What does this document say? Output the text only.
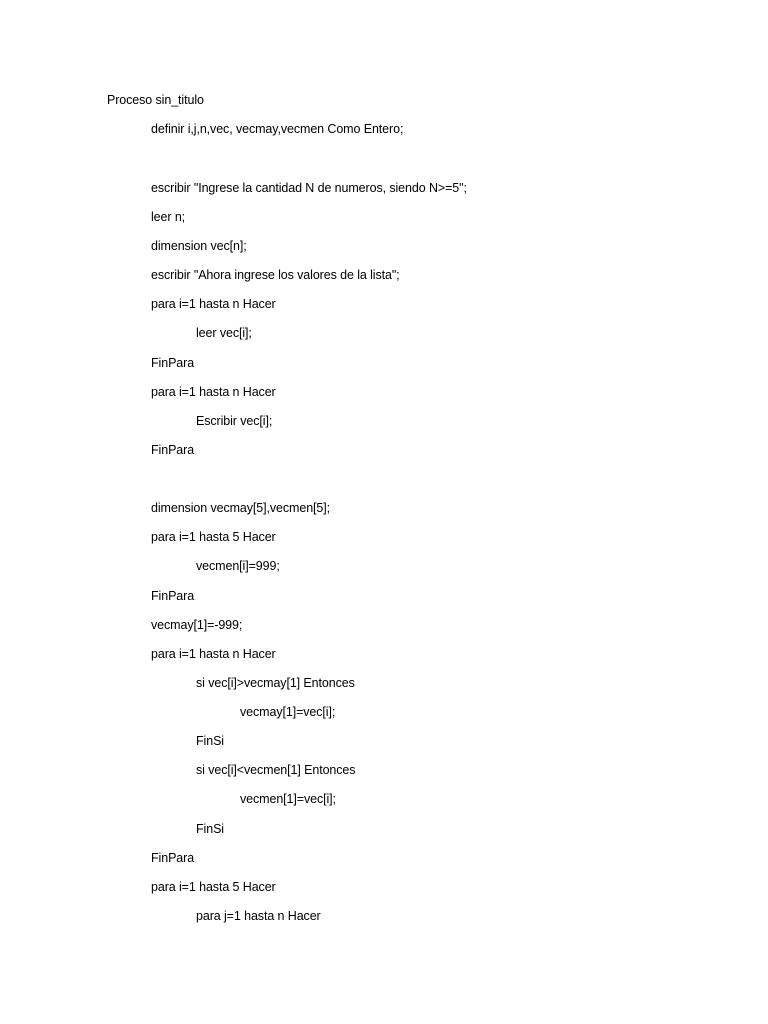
Proceso sin_titulo
definir i,j,n,vec, vecmay,vecmen Como Entero;
escribir "Ingrese la cantidad N de numeros, siendo N>=5";
leer n;
dimension vec[n];
escribir "Ahora ingrese los valores de la lista";
para i=1 hasta n Hacer
leer vec[i];
FinPara
para i=1 hasta n Hacer
Escribir vec[i];
FinPara
dimension vecmay[5],vecmen[5];
para i=1 hasta 5 Hacer
vecmen[i]=999;
FinPara
vecmay[1]=-999;
para i=1 hasta n Hacer
si vec[i]>vecmay[1] Entonces
vecmay[1]=vec[i];
FinSi
si vec[i]<vecmen[1] Entonces
vecmen[1]=vec[i];
FinSi
FinPara
para i=1 hasta 5 Hacer
para j=1 hasta n Hacer
